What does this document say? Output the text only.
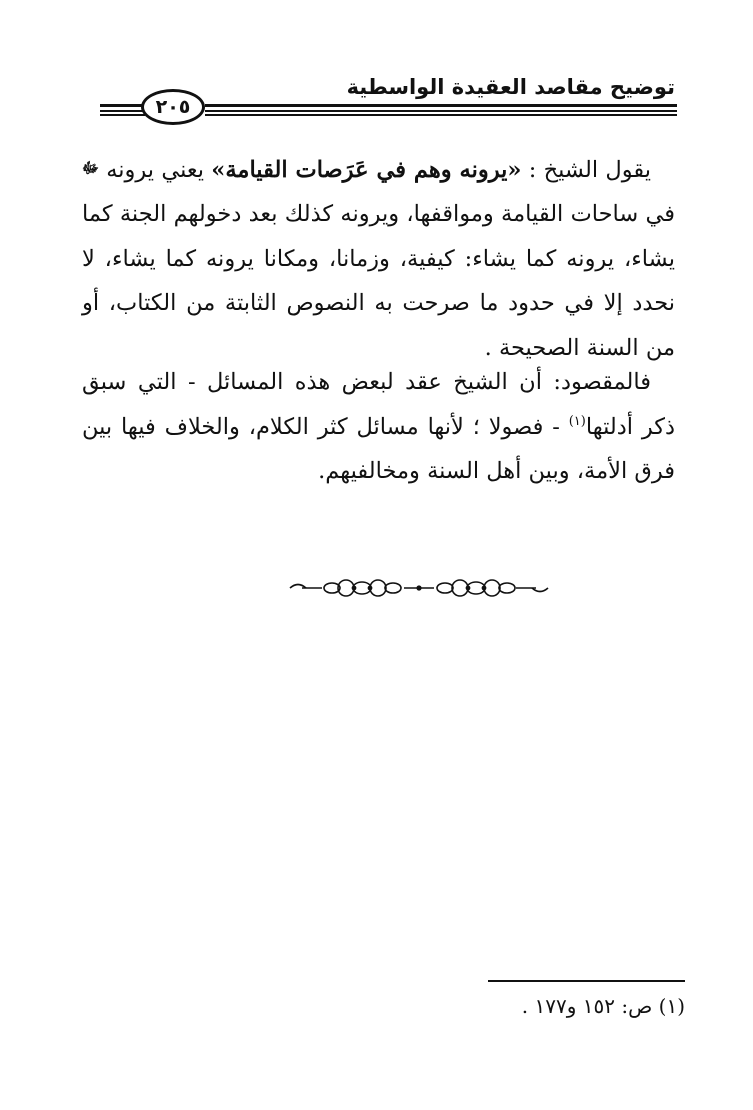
توضيح مقاصد العقيدة الواسطية
٢٠٥
يقول الشيخ : «يرونه وهم في عَرَصات القيامة» يعني يرونه ﷻ في ساحات القيامة ومواقفها، ويرونه كذلك بعد دخولهم الجنة كما يشاء، يرونه كما يشاء: كيفية، وزمانا، ومكانا يرونه كما يشاء، لا نحدد إلا في حدود ما صرحت به النصوص الثابتة من الكتاب، أو من السنة الصحيحة .
فالمقصود: أن الشيخ عقد لبعض هذه المسائل - التي سبق ذكر أدلتها$^{(١)}$ - فصولا ؛ لأنها مسائل كثر الكلام، والخلاف فيها بين فرق الأمة، وبين أهل السنة ومخالفيهم.
(١) ص: ١٥٢ و١٧٧ .
